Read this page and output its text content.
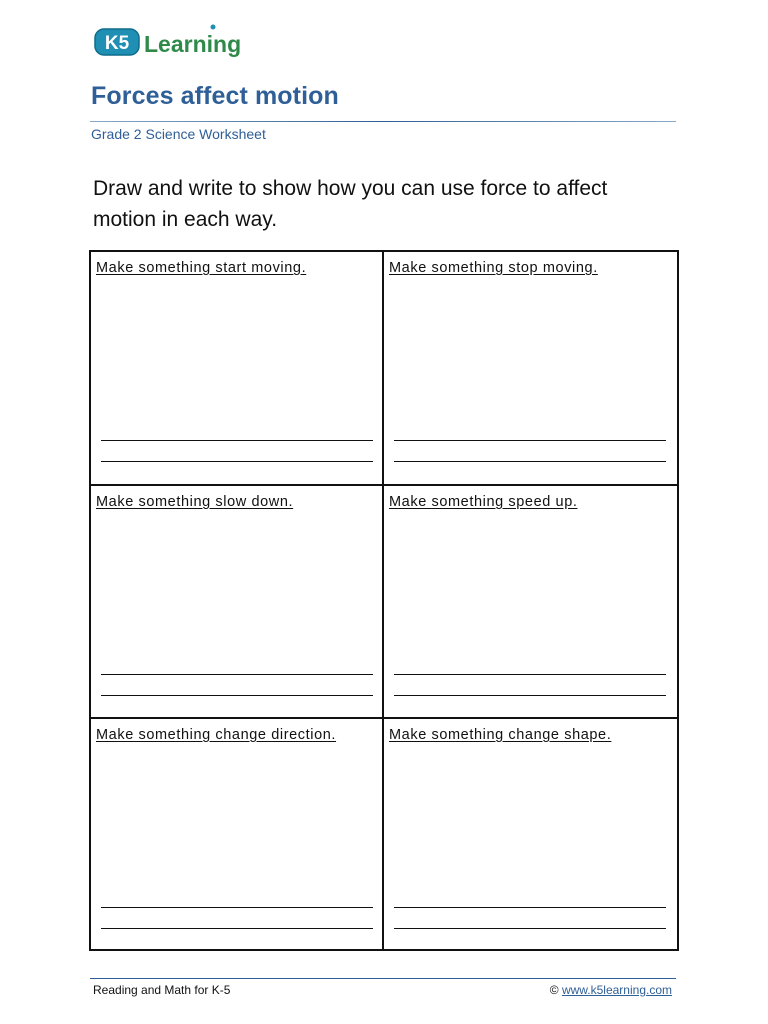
K5 Learning
Forces affect motion
Grade 2 Science Worksheet

Draw and write to show how you can use force to affect motion in each way.

Make something start moving.	Make something stop moving.
Make something slow down.	Make something speed up.
Make something change direction.	Make something change shape.
Reading and Math for K-5	© www.k5learning.com
